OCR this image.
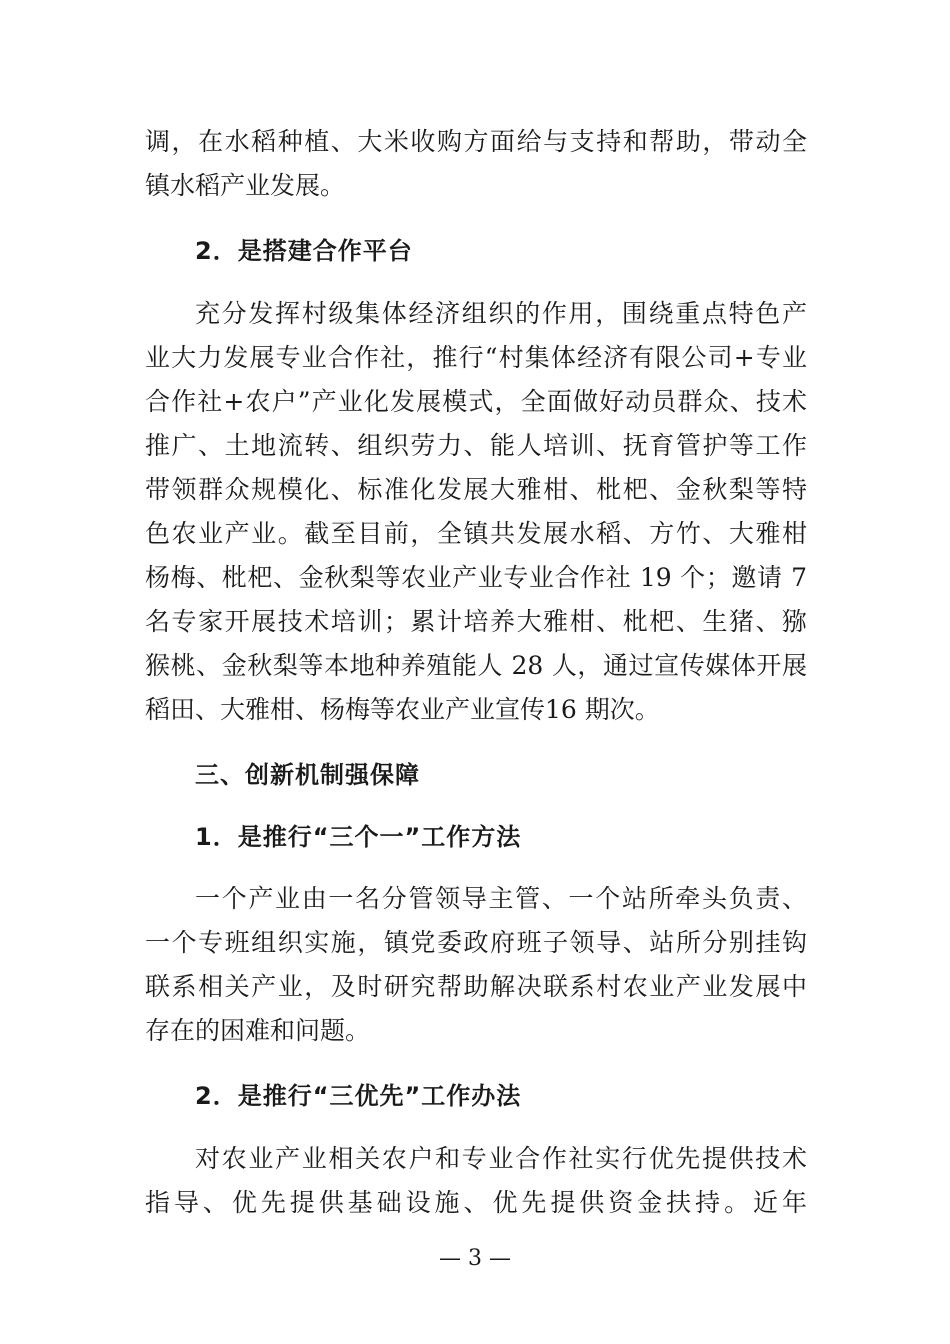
调，在水稻种植、大米收购方面给与支持和帮助，带动全
镇水稻产业发展。
2．是搭建合作平台
充分发挥村级集体经济组织的作用，围绕重点特色产
业大力发展专业合作社，推行“村集体经济有限公司+专业
合作社+农户”产业化发展模式，全面做好动员群众、技术
推广、土地流转、组织劳力、能人培训、抚育管护等工作
带领群众规模化、标准化发展大雅柑、枇杷、金秋梨等特
色农业产业。截至目前，全镇共发展水稻、方竹、大雅柑
杨梅、枇杷、金秋梨等农业产业专业合作社 19 个；邀请 7
名专家开展技术培训；累计培养大雅柑、枇杷、生猪、猕
猴桃、金秋梨等本地种养殖能人 28 人，通过宣传媒体开展
稻田、大雅柑、杨梅等农业产业宣传16 期次。
三、创新机制强保障
1．是推行“三个一”工作方法
一个产业由一名分管领导主管、一个站所牵头负责、
一个专班组织实施，镇党委政府班子领导、站所分别挂钩
联系相关产业，及时研究帮助解决联系村农业产业发展中
存在的困难和问题。
2．是推行“三优先”工作办法
对农业产业相关农户和专业合作社实行优先提供技术
指导、优先提供基础设施、优先提供资金扶持。近年
— 3 —
